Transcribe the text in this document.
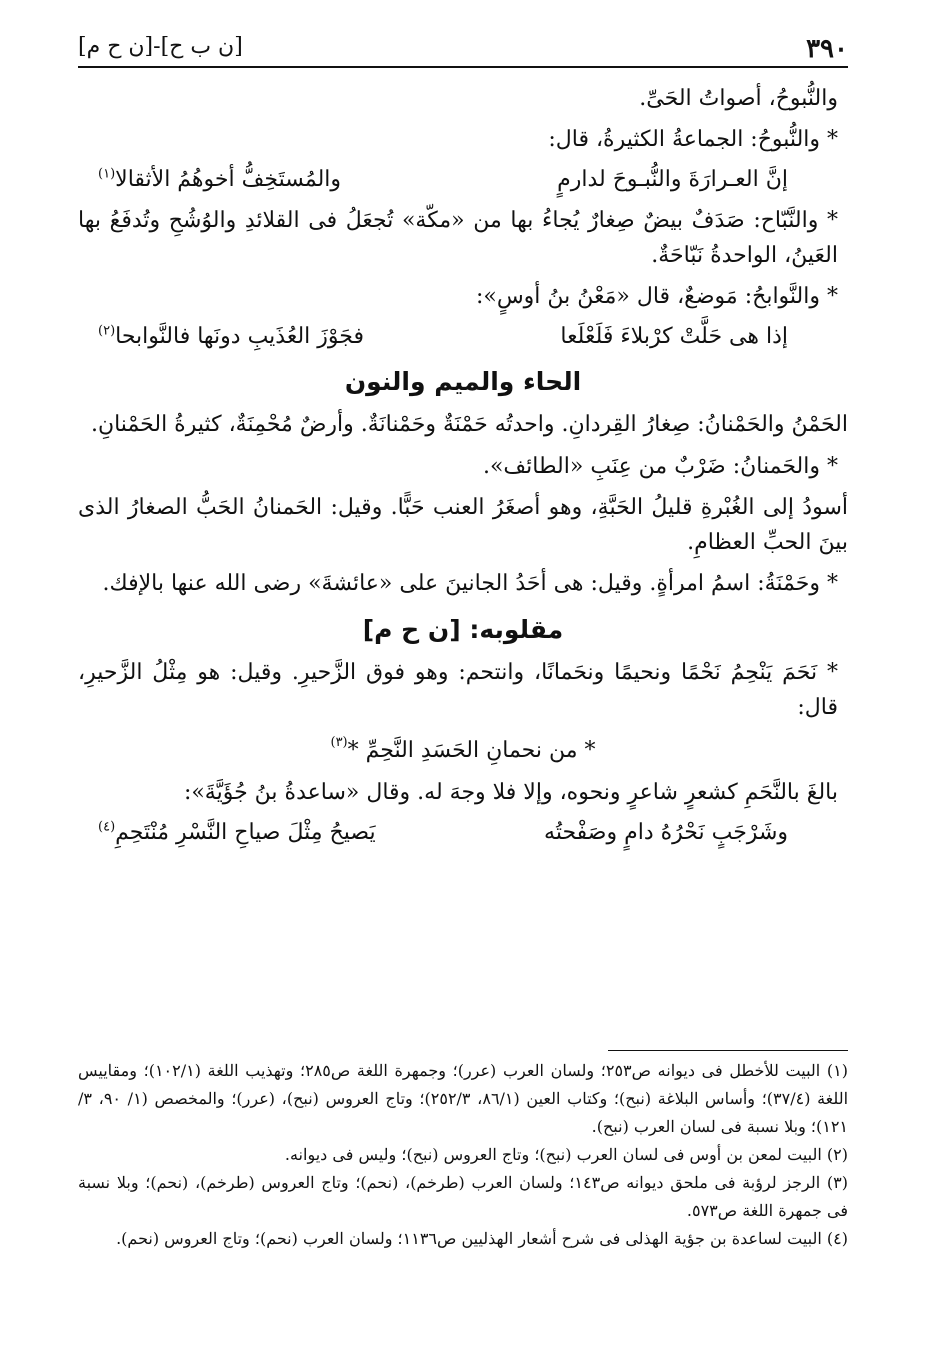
٣٩٠
[ن ب ح]-[ن ح م]

والنُّبوحُ، أصواتُ الحَىِّ.

* والنُّبوحُ: الجماعةُ الكثيرةُ، قال:

إنَّ العـرارَةَ والنُّبـوحَ لدارمٍ
والمُستَخِفُّ أخوهُمُ الأثقالا$^{(١)}$

* والنَّبّاح: صَدَفٌ بيضٌ صِغارٌ يُجاءُ بها من «مكّة» تُجعَلُ فى القلائدِ والوُشُحِ وتُدفَعُ بها العَينُ، الواحدةُ نَبّاحَةٌ.

* والنَّوابحُ: مَوضعٌ، قال «مَعْنُ بنُ أوسٍ»:

إذا هى حَلَّتْ كرْبلاءَ فَلَعْلَعا
فجَوْزَ العُذَيبِ دونَها فالنَّوابحا$^{(٢)}$
الحاء والميم والنون

الحَمْنُ والحَمْنانُ: صِغارُ القِردانِ. واحدتُه حَمْنَةٌ وحَمْنانَةٌ. وأرضٌ مُحْمِنَةٌ، كثيرةُ الحَمْنانِ.

* والحَمنانُ: ضَرْبٌ من عِنَبِ «الطائف».

أسودُ إلى الغُبْرةِ قليلُ الحَبَّةِ، وهو أصغَرُ العنب حَبًّا. وقيل: الحَمنانُ الحَبُّ الصغارُ الذى بينَ الحبِّ العظامِ.

* وحَمْنَةُ: اسمُ امرأةٍ. وقيل: هى أحَدُ الجانينَ على «عائشةَ» رضى الله عنها بالإفك.

مقلوبه: [ن ح م]

* نَحَمَ يَنْحِمُ نَحْمًا ونحيمًا ونحَمانًا، وانتحم: وهو فوق الزَّحيرِ. وقيل: هو مِثْلُ الزَّحيرِ، قال:

* من نحمانِ الحَسَدِ النَّحِمِّ *
(٣)

بالغَ بالنَّحَمِ كشعرٍ شاعرٍ ونحوه، وإلا فلا وجهَ له. وقال «ساعدةُ بنُ جُؤَيَّةَ»:

وشَرْجَبٍ نَحْرُهُ دامٍ وصَفْحتُه
يَصيحُ مِثْلَ صياحِ النَّسْرِ مُنْتَحِمِ$^{(٤)}$

(١) البيت للأخطل فى ديوانه ص٢٥٣؛ ولسان العرب (عرر)؛ وجمهرة اللغة ص٢٨٥؛ وتهذيب اللغة (١٠٢/١)؛ ومقاييس اللغة (٣٧/٤)؛ وأساس البلاغة (نبح)؛ وكتاب العين (٨٦/١، ٢٥٢/٣)؛ وتاج العروس (نبح)، (عرر)؛ والمخصص (١/ ٩٠، ٣/ ١٢١)؛ وبلا نسبة فى لسان العرب (نبح).

(٢) البيت لمعن بن أوس فى لسان العرب (نبح)؛ وتاج العروس (نبح)؛ وليس فى ديوانه.

(٣) الرجز لرؤبة فى ملحق ديوانه ص١٤٣؛ ولسان العرب (طرخم)، (نحم)؛ وتاج العروس (طرخم)، (نحم)؛ وبلا نسبة فى جمهرة اللغة ص٥٧٣.

(٤) البيت لساعدة بن جؤية الهذلى فى شرح أشعار الهذليين ص١١٣٦؛ ولسان العرب (نحم)؛ وتاج العروس (نحم).
